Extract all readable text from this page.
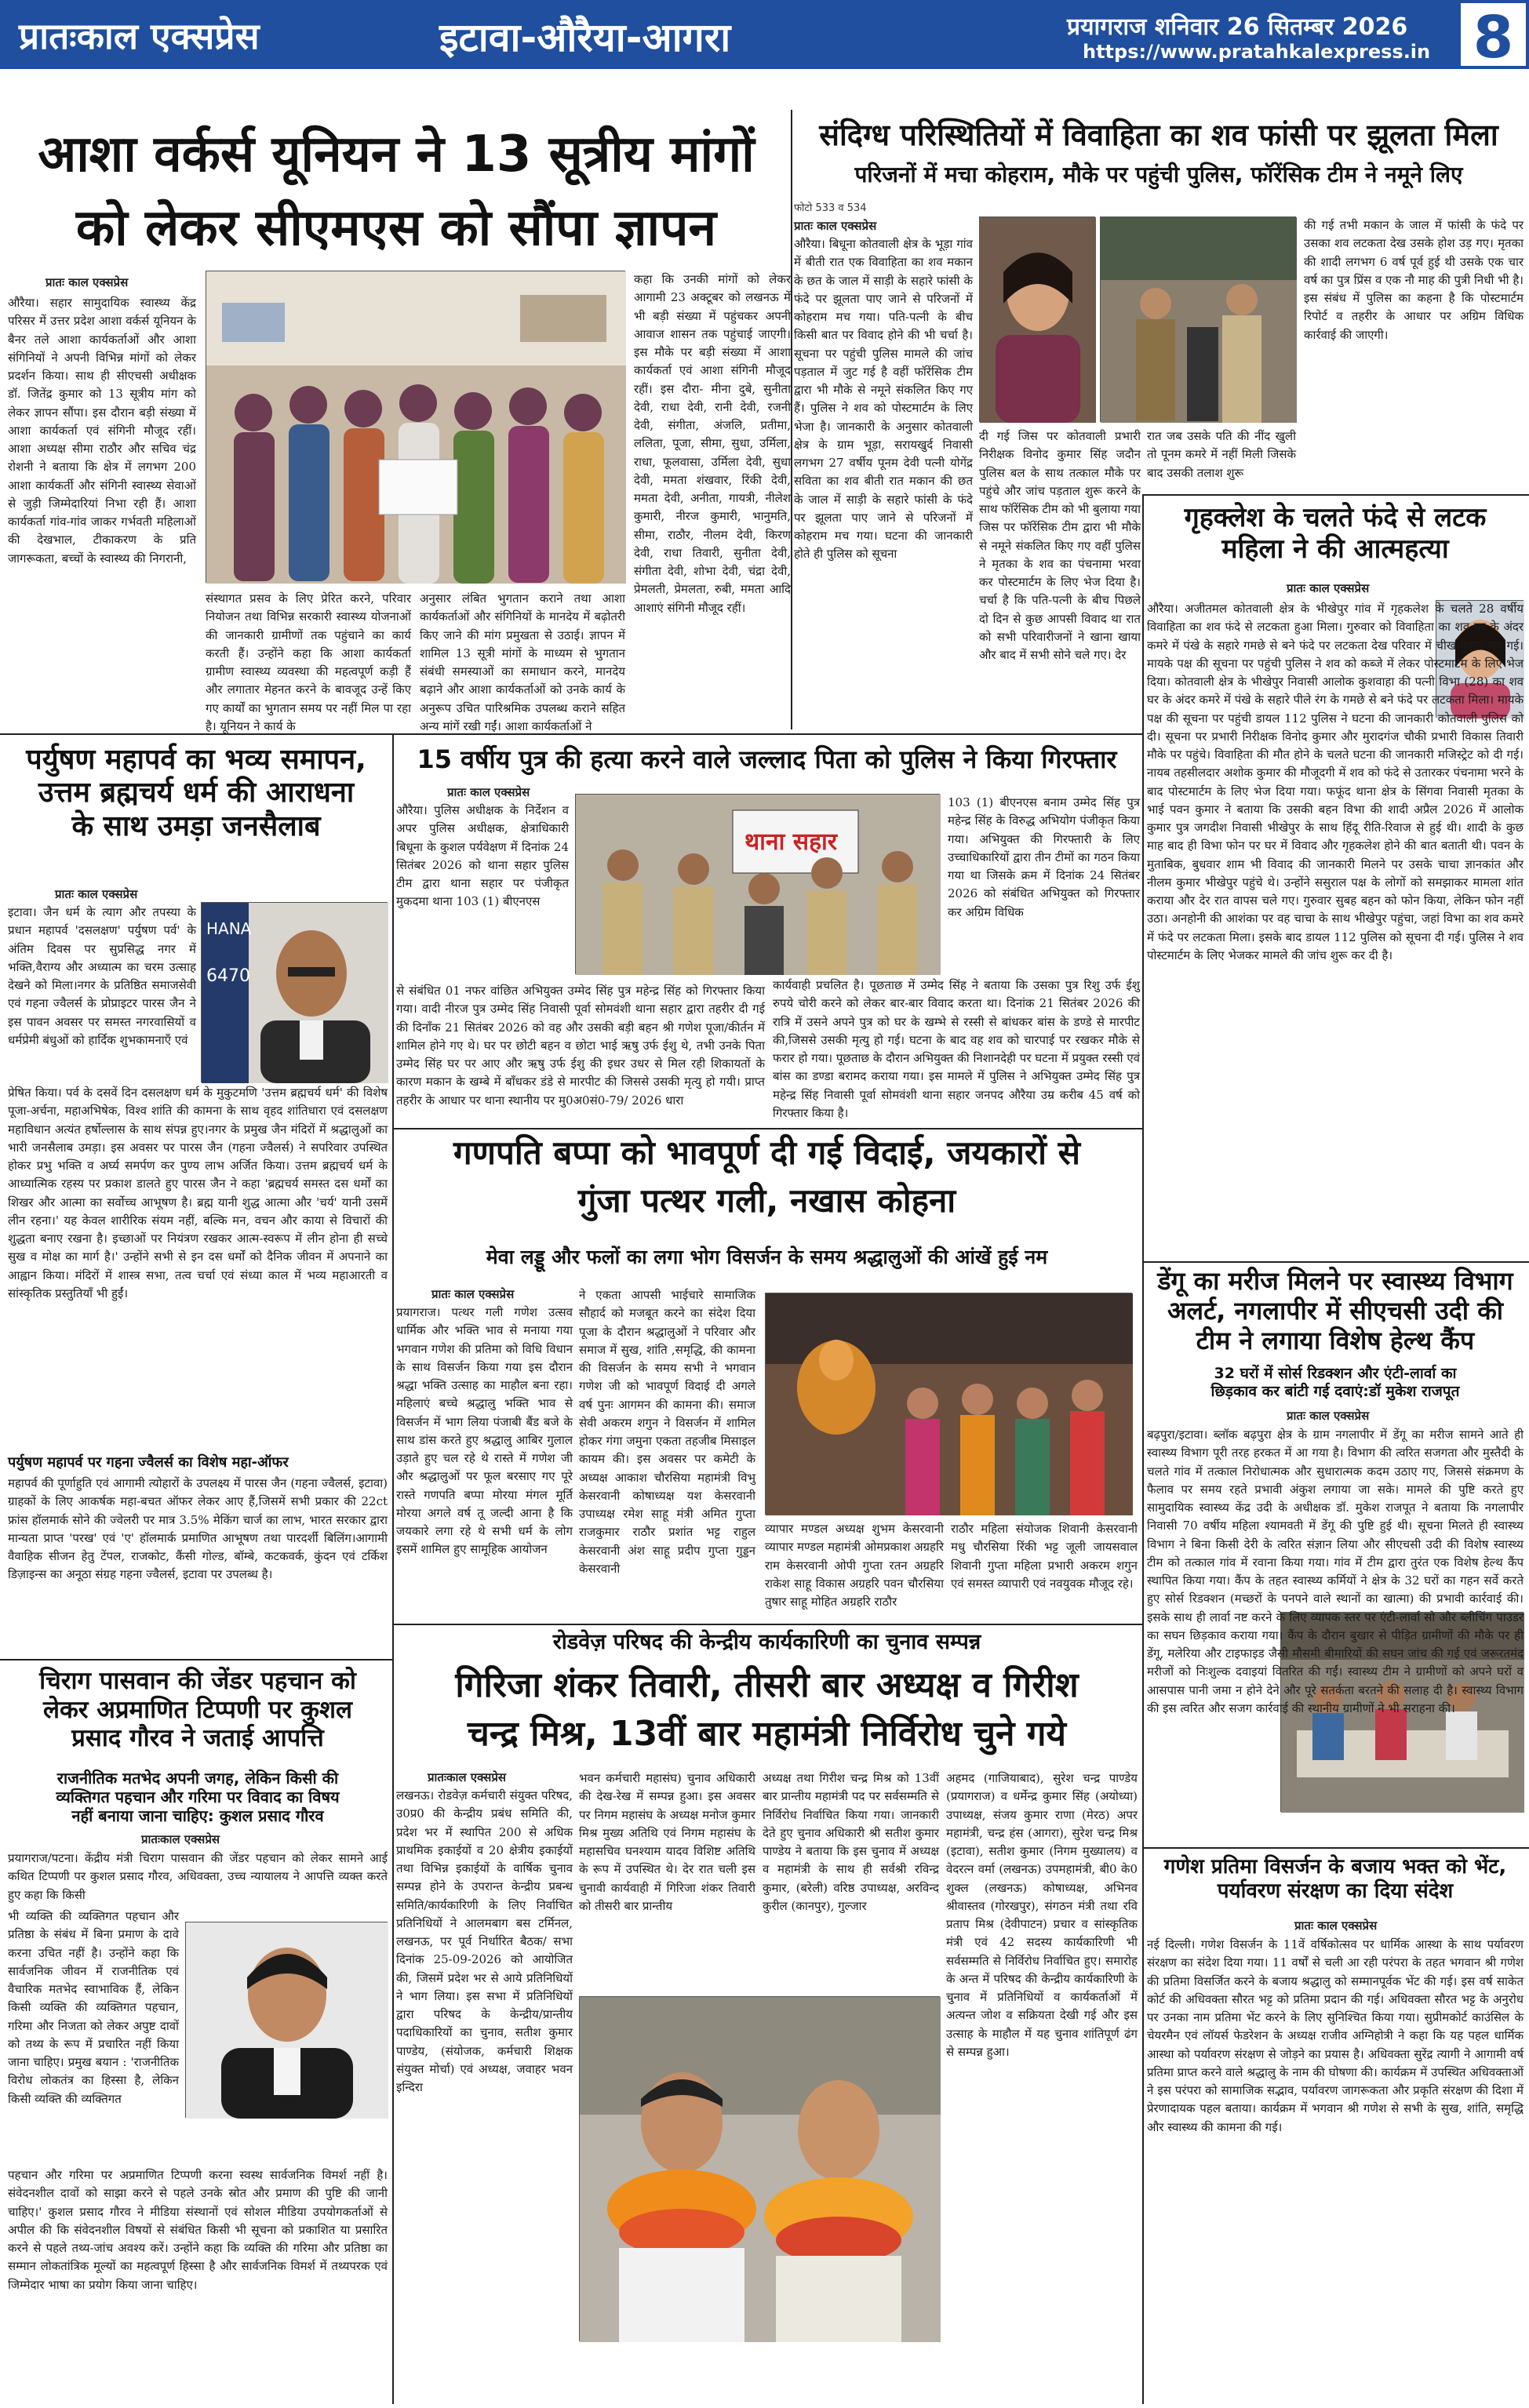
प्रातःकाल एक्सप्रेस	इटावा-औरैया-आगरा	प्रयागराज शनिवार 26 सितम्बर 2026
https://www.pratahkalexpress.in 8
आशा वर्कर्स यूनियन ने 13 सूत्रीय मांगों
को लेकर सीएमएस को सौंपा ज्ञापन
प्रातः काल एक्सप्रेस
औरैया। सहार सामुदायिक स्वास्थ्य केंद्र परिसर में उत्तर प्रदेश आशा वर्कर्स यूनियन के बैनर तले आशा कार्यकर्ताओं और आशा संगिनियों ने अपनी विभिन्न मांगों को लेकर प्रदर्शन किया। साथ ही सीएचसी अधीक्षक डॉ. जितेंद्र कुमार को 13 सूत्रीय मांग को लेकर ज्ञापन सौंपा। इस दौरान बड़ी संख्या में आशा कार्यकर्ता एवं संगिनी मौजूद रहीं। आशा अध्यक्ष सीमा राठौर और सचिव चंद्र रोशनी ने बताया कि क्षेत्र में लगभग 200 आशा कार्यकर्ती और संगिनी स्वास्थ्य सेवाओं से जुड़ी जिम्मेदारियां निभा रही हैं। आशा कार्यकर्ता गांव-गांव जाकर गर्भवती महिलाओं की देखभाल, टीकाकरण के प्रति जागरूकता, बच्चों के स्वास्थ्य की निगरानी,
संस्थागत प्रसव के लिए प्रेरित करने, परिवार नियोजन तथा विभिन्न सरकारी स्वास्थ्य योजनाओं की जानकारी ग्रामीणों तक पहुंचाने का कार्य करती हैं। उन्होंने कहा कि आशा कार्यकर्ता ग्रामीण स्वास्थ्य व्यवस्था की महत्वपूर्ण कड़ी हैं और लगातार मेहनत करने के बावजूद उन्हें किए गए कार्यों का भुगतान समय पर नहीं मिल पा रहा है। यूनियन ने कार्य के
अनुसार लंबित भुगतान कराने तथा आशा कार्यकर्ताओं और संगिनियों के मानदेय में बढ़ोतरी किए जाने की मांग प्रमुखता से उठाई। ज्ञापन में शामिल 13 सूत्री मांगों के माध्यम से भुगतान संबंधी समस्याओं का समाधान करने, मानदेय बढ़ाने और आशा कार्यकर्ताओं को उनके कार्य के अनुरूप उचित पारिश्रमिक उपलब्ध कराने सहित अन्य मांगें रखी गईं। आशा कार्यकर्ताओं ने
कहा कि उनकी मांगों को लेकर आगामी 23 अक्टूबर को लखनऊ में भी बड़ी संख्या में पहुंचकर अपनी आवाज शासन तक पहुंचाई जाएगी। इस मौके पर बड़ी संख्या में आशा कार्यकर्ता एवं आशा संगिनी मौजूद रहीं। इस दौरा- मीना दुबे, सुनीता देवी, राधा देवी, रानी देवी, रजनी देवी, संगीता, अंजलि, प्रतीमा, ललिता, पूजा, सीमा, सुधा, उर्मिला, राधा, फूलवासा, उर्मिला देवी, सुधा देवी, ममता शंखवार, रिंकी देवी, ममता देवी, अनीता, गायत्री, नीलेश कुमारी, नीरज कुमारी, भानुमति, सीमा, राठौर, नीलम देवी, किरण देवी, राधा तिवारी, सुनीता देवी, संगीता देवी, शोभा देवी, चंद्रा देवी, प्रेमलती, प्रेमलता, रुबी, ममता आदि आशाएं संगिनी मौजूद रहीं।
संदिग्ध परिस्थितियों में विवाहिता का शव फांसी पर झूलता मिला
परिजनों में मचा कोहराम, मौके पर पहुंची पुलिस, फॉरेंसिक टीम ने नमूने लिए
फोटो 533 व 534
प्रातः काल एक्सप्रेस
औरैया। बिधूना कोतवाली क्षेत्र के भूड़ा गांव में बीती रात एक विवाहिता का शव मकान के छत के जाल में साड़ी के सहारे फांसी के फंदे पर झूलता पाए जाने से परिजनों में कोहराम मच गया। पति-पत्नी के बीच किसी बात पर विवाद होने की भी चर्चा है। सूचना पर पहुंची पुलिस मामले की जांच पड़ताल में जुट गई है वहीं फॉरेंसिक टीम द्वारा भी मौके से नमूने संकलित किए गए हैं। पुलिस ने शव को पोस्टमार्टम के लिए भेजा है। जानकारी के अनुसार कोतवाली क्षेत्र के ग्राम भूड़ा, सरायखुर्द निवासी लगभग 27 वर्षीय पूनम देवी पत्नी योगेंद्र सविता का शव बीती रात मकान की छत के जाल में साड़ी के सहारे फांसी के फंदे पर झूलता पाए जाने से परिजनों में कोहराम मच गया। घटना की जानकारी होते ही पुलिस को सूचना
दी गई जिस पर कोतवाली प्रभारी निरीक्षक विनोद कुमार सिंह जदौन पुलिस बल के साथ तत्काल मौके पर पहुंचे और जांच पड़ताल शुरू करने के साथ फॉरेंसिक टीम को भी बुलाया गया जिस पर फॉरेंसिक टीम द्वारा भी मौके से नमूने संकलित किए गए वहीं पुलिस ने मृतका के शव का पंचनामा भरवा कर पोस्टमार्टम के लिए भेज दिया है। चर्चा है कि पति-पत्नी के बीच पिछले दो दिन से कुछ आपसी विवाद था रात को सभी परिवारीजनों ने खाना खाया और बाद में सभी सोने चले गए। देर
रात जब उसके पति की नींद खुली तो पूनम कमरे में नहीं मिली जिसके बाद उसकी तलाश शुरू
की गई तभी मकान के जाल में फांसी के फंदे पर उसका शव लटकता देख उसके होश उड़ गए। मृतका की शादी लगभग 6 वर्ष पूर्व हुई थी उसके एक चार वर्ष का पुत्र प्रिंस व एक नौ माह की पुत्री निधी भी है। इस संबंध में पुलिस का कहना है कि पोस्टमार्टम रिपोर्ट व तहरीर के आधार पर अग्रिम विधिक कार्रवाई की जाएगी।
गृहक्लेश के चलते फंदे से लटक
महिला ने की आत्महत्या
प्रातः काल एक्सप्रेस
औरैया। अजीतमल कोतवाली क्षेत्र के भीखेपुर गांव में गृहकलेश के चलते 28 वर्षीय विवाहिता का शव फंदे से लटकता हुआ मिला। गुरुवार को विवाहिता का शव घर के अंदर कमरे में पंखे के सहारे गमछे से बने फंदे पर लटकता देख परिवार में चीख-पुकार मच गई। मायके पक्ष की सूचना पर पहुंची पुलिस ने शव को कब्जे में लेकर पोस्टमार्टम के लिए भेज दिया। कोतवाली क्षेत्र के भीखेपुर निवासी आलोक कुशवाहा की पत्नी विभा (28) का शव घर के अंदर कमरे में पंखे के सहारे पीले रंग के गमछे से बने फंदे पर लटकता मिला। मायके पक्ष की सूचना पर पहुंची डायल 112 पुलिस ने घटना की जानकारी कोतवाली पुलिस को दी। सूचना पर प्रभारी निरीक्षक विनोद कुमार और मुरादगंज चौकी प्रभारी विकास तिवारी मौके पर पहुंचे। विवाहिता की मौत होने के चलते घटना की जानकारी मजिस्ट्रेट को दी गई। नायब तहसीलदार अशोक कुमार की मौजूदगी में शव को फंदे से उतारकर पंचनामा भरने के बाद पोस्टमार्टम के लिए भेज दिया गया। फफूंद थाना क्षेत्र के सिंगवा निवासी मृतका के भाई पवन कुमार ने बताया कि उसकी बहन विभा की शादी अप्रैल 2026 में आलोक कुमार पुत्र जगदीश निवासी भीखेपुर के साथ हिंदू रीति-रिवाज से हुई थी। शादी के कुछ माह बाद ही विभा फोन पर घर में विवाद और गृहकलेश होने की बात बताती थी। पवन के मुताबिक, बुधवार शाम भी विवाद की जानकारी मिलने पर उसके चाचा ज्ञानकांत और नीलम कुमार भीखेपुर पहुंचे थे। उन्होंने ससुराल पक्ष के लोगों को समझाकर मामला शांत कराया और देर रात वापस चले गए। गुरुवार सुबह बहन को फोन किया, लेकिन फोन नहीं उठा। अनहोनी की आशंका पर वह चाचा के साथ भीखेपुर पहुंचा, जहां विभा का शव कमरे में फंदे पर लटकता मिला। इसके बाद डायल 112 पुलिस को सूचना दी गई। पुलिस ने शव पोस्टमार्टम के लिए भेजकर मामले की जांच शुरू कर दी है।
पर्युषण महापर्व का भव्य समापन,
उत्तम ब्रह्मचर्य धर्म की आराधना
के साथ उमड़ा जनसैलाब
प्रातः काल एक्सप्रेस
इटावा। जैन धर्म के त्याग और तपस्या के प्रधान महापर्व 'दसलक्षण' पर्युषण पर्व' के अंतिम दिवस पर सुप्रसिद्ध नगर में भक्ति,वैराग्य और अध्यात्म का चरम उत्साह देखने को मिला।नगर के प्रतिष्ठित समाजसेवी एवं गहना ज्वैलर्स के प्रोप्राइटर पारस जैन ने इस पावन अवसर पर समस्त नगरवासियों व धर्मप्रेमी बंधुओं को हार्दिक शुभकामनाएँ एवं
HANA
6470
प्रेषित किया। पर्व के दसवें दिन दसलक्षण धर्म के मुकुटमणि 'उत्तम ब्रह्मचर्य धर्म' की विशेष पूजा-अर्चना, महाअभिषेक, विश्व शांति की कामना के साथ वृहद शांतिधारा एवं दसलक्षण महाविधान अत्यंत हर्षोल्लास के साथ संपन्न हुए।नगर के प्रमुख जैन मंदिरों में श्रद्धालुओं का भारी जनसैलाब उमड़ा। इस अवसर पर पारस जैन (गहना ज्वैलर्स) ने सपरिवार उपस्थित होकर प्रभु भक्ति व अर्घ्य समर्पण कर पुण्य लाभ अर्जित किया। उत्तम ब्रह्मचर्य धर्म के आध्यात्मिक रहस्य पर प्रकाश डालते हुए पारस जैन ने कहा 'ब्रह्मचर्य समस्त दस धर्मों का शिखर और आत्मा का सर्वोच्च आभूषण है। ब्रह्म यानी शुद्ध आत्मा और 'चर्य' यानी उसमें लीन रहना।' यह केवल शारीरिक संयम नहीं, बल्कि मन, वचन और काया से विचारों की शुद्धता बनाए रखना है। इच्छाओं पर नियंत्रण रखकर आत्म-स्वरूप में लीन होना ही सच्चे सुख व मोक्ष का मार्ग है।' उन्होंने सभी से इन दस धर्मों को दैनिक जीवन में अपनाने का आह्वान किया। मंदिरों में शास्त्र सभा, तत्व चर्चा एवं संध्या काल में भव्य महाआरती व सांस्कृतिक प्रस्तुतियाँ भी हुईं।
पर्युषण महापर्व पर गहना ज्वैलर्स का विशेष महा-ऑफर
महापर्व की पूर्णाहुति एवं आगामी त्योहारों के उपलक्ष्य में पारस जैन (गहना ज्वैलर्स, इटावा) ग्राहकों के लिए आकर्षक महा-बचत ऑफर लेकर आए हैं,जिसमें सभी प्रकार की 22ct फ्रांस हॉलमार्क सोने की ज्वेलरी पर मात्र 3.5% मेकिंग चार्ज का लाभ, भारत सरकार द्वारा मान्यता प्राप्त 'परख' एवं 'ए' हॉलमार्क प्रमाणित आभूषण तथा पारदर्शी बिलिंग।आगामी वैवाहिक सीजन हेतु टेंपल, राजकोट, कैंसी गोल्ड, बॉम्बे, कटकवर्क, कुंदन एवं टर्किश डिज़ाइन्स का अनूठा संग्रह गहना ज्वैलर्स, इटावा पर उपलब्ध है।
चिराग पासवान की जेंडर पहचान को
लेकर अप्रमाणित टिप्पणी पर कुशल
प्रसाद गौरव ने जताई आपत्ति
राजनीतिक मतभेद अपनी जगह, लेकिन किसी की
व्यक्तिगत पहचान और गरिमा पर विवाद का विषय
नहीं बनाया जाना चाहिए: कुशल प्रसाद गौरव
प्रातःकाल एक्सप्रेस
प्रयागराज/पटना। केंद्रीय मंत्री चिराग पासवान की जेंडर पहचान को लेकर सामने आई कथित टिप्पणी पर कुशल प्रसाद गौरव, अधिवक्ता, उच्च न्यायालय ने आपत्ति व्यक्त करते हुए कहा कि किसी
भी व्यक्ति की व्यक्तिगत पहचान और प्रतिष्ठा के संबंध में बिना प्रमाण के दावे करना उचित नहीं है। उन्होंने कहा कि सार्वजनिक जीवन में राजनीतिक एवं वैचारिक मतभेद स्वाभाविक हैं, लेकिन किसी व्यक्ति की व्यक्तिगत पहचान, गरिमा और निजता को लेकर अपुष्ट दावों को तथ्य के रूप में प्रचारित नहीं किया जाना चाहिए। प्रमुख बयान : 'राजनीतिक विरोध लोकतंत्र का हिस्सा है, लेकिन किसी व्यक्ति की व्यक्तिगत
पहचान और गरिमा पर अप्रमाणित टिप्पणी करना स्वस्थ सार्वजनिक विमर्श नहीं है। संवेदनशील दावों को साझा करने से पहले उनके स्रोत और प्रमाण की पुष्टि की जानी चाहिए।' कुशल प्रसाद गौरव ने मीडिया संस्थानों एवं सोशल मीडिया उपयोगकर्ताओं से अपील की कि संवेदनशील विषयों से संबंधित किसी भी सूचना को प्रकाशित या प्रसारित करने से पहले तथ्य-जांच अवश्य करें। उन्होंने कहा कि व्यक्ति की गरिमा और प्रतिष्ठा का सम्मान लोकतांत्रिक मूल्यों का महत्वपूर्ण हिस्सा है और सार्वजनिक विमर्श में तथ्यपरक एवं जिम्मेदार भाषा का प्रयोग किया जाना चाहिए।
15 वर्षीय पुत्र की हत्या करने वाले जल्लाद पिता को पुलिस ने किया गिरफ्तार
प्रातः काल एक्सप्रेस
औरैया। पुलिस अधीक्षक के निर्देशन व अपर पुलिस अधीक्षक, क्षेत्राधिकारी बिधूना के कुशल पर्यवेक्षण में दिनांक 24 सितंबर 2026 को थाना सहार पुलिस टीम द्वारा थाना सहार पर पंजीकृत मुकदमा थाना 103 (1) बीएनएस
थाना सहार
103 (1) बीएनएस बनाम उम्मेद सिंह पुत्र महेन्द्र सिंह के विरुद्ध अभियोग पंजीकृत किया गया। अभियुक्त की गिरफ्तारी के लिए उच्चाधिकारियों द्वारा तीन टीमों का गठन किया गया था जिसके क्रम में दिनांक 24 सितंबर 2026 को संबंधित अभियुक्त को गिरफ्तार कर अग्रिम विधिक
से संबंधित 01 नफर वांछित अभियुक्त उम्मेद सिंह पुत्र महेन्द्र सिंह को गिरफ्तार किया गया। वादी नीरज पुत्र उम्मेद सिंह निवासी पूर्वा सोमवंशी थाना सहार द्वारा तहरीर दी गई की दिनाँक 21 सितंबर 2026 को वह और उसकी बड़ी बहन श्री गणेश पूजा/कीर्तन में शामिल होने गए थे। घर पर छोटी बहन व छोटा भाई ऋषु उर्फ ईशु थे, तभी उनके पिता उम्मेद सिंह घर पर आए और ऋषु उर्फ ईशु की इधर उधर से मिल रही शिकायतों के कारण मकान के खम्बे में बाँधकर डंडे से मारपीट की जिससे उसकी मृत्यु हो गयी। प्राप्त तहरीर के आधार पर थाना स्थानीय पर मु0अ0सं0-79/ 2026 धारा
कार्यवाही प्रचलित है। पूछताछ में उम्मेद सिंह ने बताया कि उसका पुत्र रिशु उर्फ ईशु रुपये चोरी करने को लेकर बार-बार विवाद करता था। दिनांक 21 सितंबर 2026 की रात्रि में उसने अपने पुत्र को घर के खम्भे से रस्सी से बांधकर बांस के डण्डे से मारपीट की,जिससे उसकी मृत्यु हो गई। घटना के बाद वह शव को चारपाई पर रखकर मौके से फरार हो गया। पूछताछ के दौरान अभियुक्त की निशानदेही पर घटना में प्रयुक्त रस्सी एवं बांस का डण्डा बरामद कराया गया। इस मामले में पुलिस ने अभियुक्त उम्मेद सिंह पुत्र महेन्द्र सिंह निवासी पूर्वा सोमवंशी थाना सहार जनपद औरैया उम्र करीब 45 वर्ष को गिरफ्तार किया है।
गणपति बप्पा को भावपूर्ण दी गई विदाई, जयकारों से
गुंजा पत्थर गली, नखास कोहना
मेवा लड्डू और फलों का लगा भोग विसर्जन के समय श्रद्धालुओं की आंखें हुई नम
प्रातः काल एक्सप्रेस
प्रयागराज। पत्थर गली गणेश उत्सव धार्मिक और भक्ति भाव से मनाया गया भगवान गणेश की प्रतिमा को विधि विधान के साथ विसर्जन किया गया इस दौरान श्रद्धा भक्ति उत्साह का माहौल बना रहा। महिलाएं बच्चे श्रद्धालु भक्ति भाव से विसर्जन में भाग लिया पंजाबी बैंड बजे के साथ डांस करते हुए श्रद्धालु आबिर गुलाल उड़ाते हुए चल रहे थे रास्ते में गणेश जी और श्रद्धालुओं पर फूल बरसाए गए पूरे रास्ते गणपति बप्पा मोरया मंगल मूर्ति मोरया अगले वर्ष तू जल्दी आना है कि जयकारे लगा रहे थे सभी धर्म के लोग इसमें शामिल हुए सामूहिक आयोजन
ने एकता आपसी भाईचारे सामाजिक सौहार्द को मजबूत करने का संदेश दिया पूजा के दौरान श्रद्धालुओं ने परिवार और समाज में सुख, शांति ,समृद्धि, की कामना की विसर्जन के समय सभी ने भगवान गणेश जी को भावपूर्ण विदाई दी अगले वर्ष पुनः आगमन की कामना की। समाज सेवी अकरम शगुन ने विसर्जन में शामिल होकर गंगा जमुना एकता तहजीब मिसाइल कायम की। इस अवसर पर कमेटी के अध्यक्ष आकाश चौरसिया महामंत्री विभु केसरवानी कोषाध्यक्ष यश केसरवानी उपाध्यक्ष रमेश साहू मंत्री अमित गुप्ता राजकुमार राठौर प्रशांत भट्ट राहुल केसरवानी अंश साहू प्रदीप गुप्ता गुड्डन केसरवानी
व्यापार मण्डल अध्यक्ष शुभम केसरवानी व्यापार मण्डल महामंत्री ओमप्रकाश अग्रहरि राम केसरवानी ओपी गुप्ता रतन अग्रहरि राकेश साहू विकास अग्रहरि पवन चौरसिया तुषार साहू मोहित अग्रहरि राठौर
राठौर महिला संयोजक शिवानी केसरवानी मधु चौरसिया रिंकी भट्ट जूली जायसवाल शिवानी गुप्ता महिला प्रभारी अकरम शगुन एवं समस्त व्यापारी एवं नवयुवक मौजूद रहे।
रोडवेज़ परिषद की केन्द्रीय कार्यकारिणी का चुनाव सम्पन्न
गिरिजा शंकर तिवारी, तीसरी बार अध्यक्ष व गिरीश
चन्द्र मिश्र, 13वीं बार महामंत्री निर्विरोध चुने गये
प्रातःकाल एक्सप्रेस
लखनऊ। रोडवेज़ कर्मचारी संयुक्त परिषद, उ0प्र0 की केन्द्रीय प्रबंध समिति की, प्रदेश भर में स्थापित 200 से अधिक प्राथमिक इकाईयों व 20 क्षेत्रीय इकाईयों तथा विभिन्न इकाईयों के वार्षिक चुनाव सम्पन्न होने के उपरान्त केन्द्रीय प्रबन्ध समिति/कार्यकारिणी के लिए निर्वाचित प्रतिनिधियों ने आलमबाग बस टर्मिनल, लखनऊ, पर पूर्व निर्धारित बैठक/ सभा दिनांक 25-09-2026 को आयोजित की, जिसमें प्रदेश भर से आये प्रतिनिधियों ने भाग लिया। इस सभा में प्रतिनिधियों द्वारा परिषद के केन्द्रीय/प्रान्तीय पदाधिकारियों का चुनाव, सतीश कुमार पाण्डेय, (संयोजक, कर्मचारी शिक्षक संयुक्त मोर्चा) एवं अध्यक्ष, जवाहर भवन इन्दिरा
भवन कर्मचारी महासंघ) चुनाव अधिकारी की देख-रेख में सम्पन्न हुआ। इस अवसर पर निगम महासंघ के अध्यक्ष मनोज कुमार मिश्र मुख्य अतिथि एवं निगम महासंघ के महासचिव घनश्याम यादव विशिष्ट अतिथि के रूप में उपस्थित थे। देर रात चली इस चुनावी कार्यवाही में गिरिजा शंकर तिवारी को तीसरी बार प्रान्तीय
अध्यक्ष तथा गिरीश चन्द्र मिश्र को 13वीं बार प्रान्तीय महामंत्री पद पर सर्वसम्मति से निर्विरोध निर्वाचित किया गया। जानकारी देते हुए चुनाव अधिकारी श्री सतीश कुमार पाण्डेय ने बताया कि इस चुनाव में अध्यक्ष व महामंत्री के साथ ही सर्वश्री रविन्द्र कुमार, (बरेली) वरिष्ठ उपाध्यक्ष, अरविन्द कुरील (कानपुर), गुल्जार
अहमद (गाजियाबाद), सुरेश चन्द्र पाण्डेय (प्रयागराज) व धर्मेन्द्र कुमार सिंह (अयोध्या) उपाध्यक्ष, संजय कुमार राणा (मेरठ) अपर महामंत्री, चन्द्र हंस (आगरा), सुरेश चन्द्र मिश्र (इटावा), सतीश कुमार (निगम मुख्यालय) व वेदरत्न वर्मा (लखनऊ) उपमहामंत्री, बी0 के0 शुक्ल (लखनऊ) कोषाध्यक्ष, अभिनव श्रीवास्तव (गोरखपुर), संगठन मंत्री तथा रवि प्रताप मिश्र (देवीपाटन) प्रचार व सांस्कृतिक मंत्री एवं 42 सदस्य कार्यकारिणी भी सर्वसम्मति से निर्विरोध निर्वाचित हुए। समारोह के अन्त में परिषद की केन्द्रीय कार्यकारिणी के चुनाव में प्रतिनिधियों व कार्यकर्ताओं में अत्यन्त जोश व सक्रियता देखी गई और इस उत्साह के माहौल में यह चुनाव शांतिपूर्ण ढंग से सम्पन्न हुआ।
डेंगू का मरीज मिलने पर स्वास्थ्य विभाग
अलर्ट, नगलापीर में सीएचसी उदी की
टीम ने लगाया विशेष हेल्थ कैंप
32 घरों में सोर्स रिडक्शन और एंटी-लार्वा का
छिड़काव कर बांटी गई दवाएं:डॉ मुकेश राजपूत
प्रातः काल एक्सप्रेस
बढ़पुरा/इटावा। ब्लॉक बढ़पुरा क्षेत्र के ग्राम नगलापीर में डेंगू का मरीज सामने आते ही स्वास्थ्य विभाग पूरी तरह हरकत में आ गया है। विभाग की त्वरित सजगता और मुस्तैदी के चलते गांव में तत्काल निरोधात्मक और सुधारात्मक कदम उठाए गए, जिससे संक्रमण के फैलाव पर समय रहते प्रभावी अंकुश लगाया जा सके। मामले की पुष्टि करते हुए सामुदायिक स्वास्थ्य केंद्र उदी के अधीक्षक डॉ. मुकेश राजपूत ने बताया कि नगलापीर निवासी 70 वर्षीय महिला श्यामवती में डेंगू की पुष्टि हुई थी। सूचना मिलते ही स्वास्थ्य विभाग ने बिना किसी देरी के त्वरित संज्ञान लिया और सीएचसी उदी की विशेष स्वास्थ्य टीम को तत्काल गांव में रवाना किया गया। गांव में टीम द्वारा तुरंत एक विशेष हेल्थ कैंप स्थापित किया गया। कैंप के तहत स्वास्थ्य कर्मियों ने क्षेत्र के 32 घरों का गहन सर्वे करते हुए सोर्स रिडक्शन (मच्छरों के पनपने वाले स्थानों का खात्मा) की प्रभावी कार्रवाई की। इसके साथ ही लार्वा नष्ट करने के लिए व्यापक स्तर पर एंटी-लार्वा सो और ब्लीचिंग पाउडर का सघन छिड़काव कराया गया। कैंप के दौरान बुखार से पीड़ित ग्रामीणों की मौके पर ही डेंगू, मलेरिया और टाइफाइड जैसी मौसमी बीमारियों की सघन जांच की गई एवं जरूरतमंद मरीजों को निःशुल्क दवाइयां वितरित की गईं। स्वास्थ्य टीम ने ग्रामीणों को अपने घरों व आसपास पानी जमा न होने देने और पूरे सतर्कता बरतने की सलाह दी है। स्वास्थ्य विभाग की इस त्वरित और सजग कार्रवाई की स्थानीय ग्रामीणों ने भी सराहना की।
गणेश प्रतिमा विसर्जन के बजाय भक्त को भेंट,
पर्यावरण संरक्षण का दिया संदेश
प्रातः काल एक्सप्रेस
नई दिल्ली। गणेश विसर्जन के 11वें वर्षिकोत्सव पर धार्मिक आस्था के साथ पर्यावरण संरक्षण का संदेश दिया गया। 11 वर्षों से चली आ रही परंपरा के तहत भगवान श्री गणेश की प्रतिमा विसर्जित करने के बजाय श्रद्धालु को सम्मानपूर्वक भेंट की गई। इस वर्ष साकेत कोर्ट की अधिवक्ता सौरत भट्ट को प्रतिमा प्रदान की गई। अधिवक्ता सौरत भट्ट के अनुरोध पर उनका नाम प्रतिमा भेंट करने के लिए सुनिश्चित किया गया। सुप्रीमकोर्ट काउंसिल के चेयरमैन एवं लॉयर्स फेडरेशन के अध्यक्ष राजीव अग्निहोत्री ने कहा कि यह पहल धार्मिक आस्था को पर्यावरण संरक्षण से जोड़ने का प्रयास है। अधिवक्ता सुरेंद्र त्यागी ने आगामी वर्ष प्रतिमा प्राप्त करने वाले श्रद्धालु के नाम की घोषणा की। कार्यक्रम में उपस्थित अधिवक्ताओं ने इस परंपरा को सामाजिक सद्भाव, पर्यावरण जागरूकता और प्रकृति संरक्षण की दिशा में प्रेरणादायक पहल बताया। कार्यक्रम में भगवान श्री गणेश से सभी के सुख, शांति, समृद्धि और स्वास्थ्य की कामना की गई।
